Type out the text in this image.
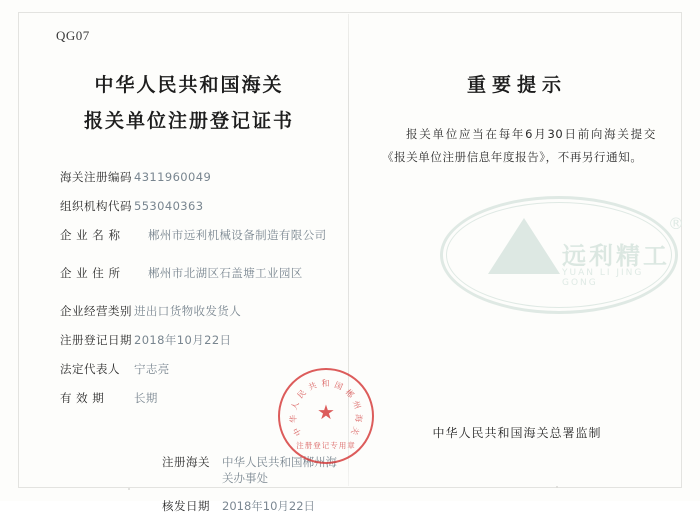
QG07
中华人民共和国海关
报关单位注册登记证书
海关注册编码 4311960049
组织机构代码 553040363
企 业 名 称	郴州市远利机械设备制造有限公司
企 业 住 所	郴州市北湖区石盖塘工业园区
企业经营类别 进出口货物收发货人
注册登记日期 2018年10月22日
法定代表人	宁志亮
有 效 期	长期
注册海关	中华人民共和国郴州海关办事处
核发日期	2018年10月22日
重要提示

报关单位应当在每年6月30日前向海关提交《报关单位注册信息年度报告》，不再另行通知。

中华人民共和国海关总署监制
远利精工
YUAN LI JING GONG
®
★
中
华
人
民
共 和 国
郴
州
海
关
注册登记专用章
